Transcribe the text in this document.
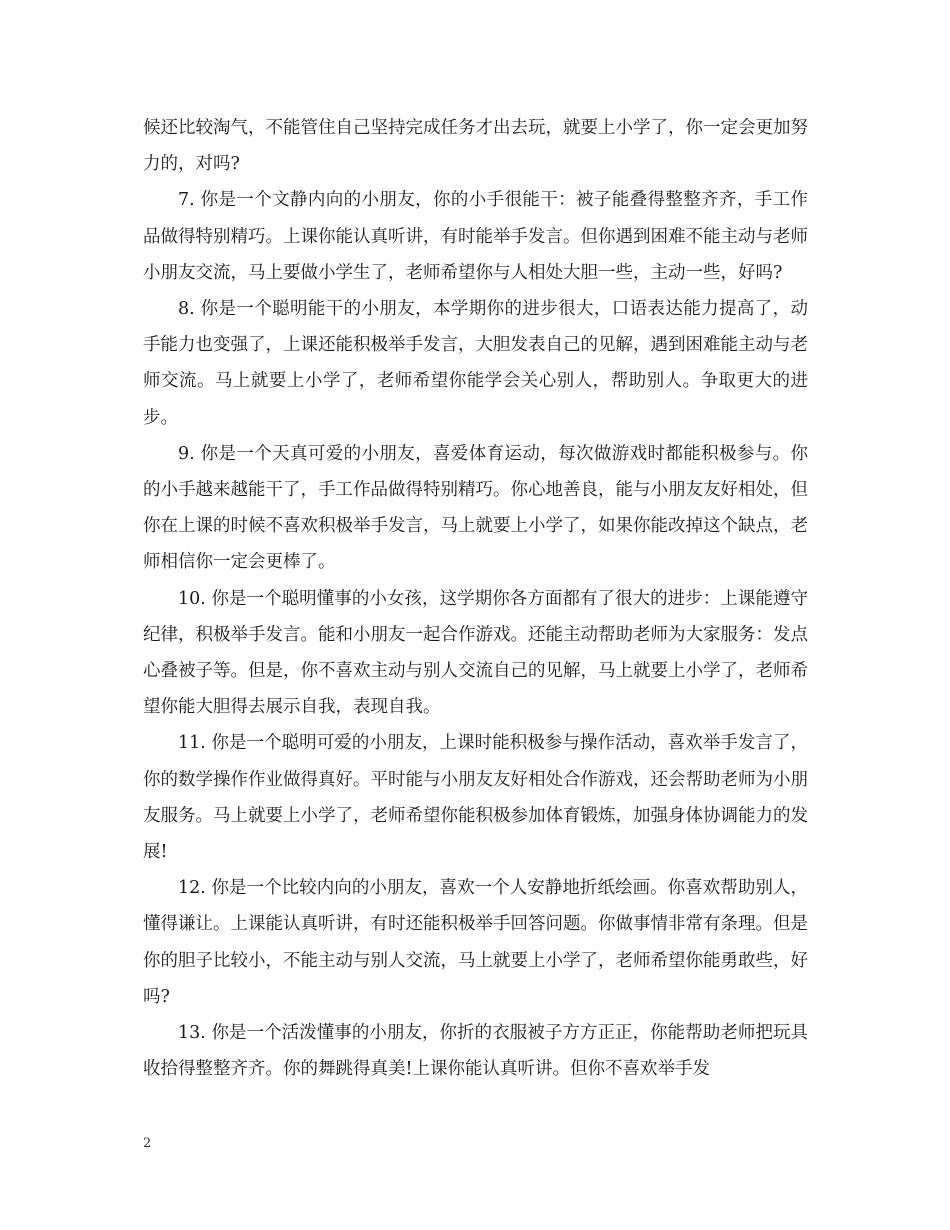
候还比较淘气，不能管住自己坚持完成任务才出去玩，就要上小学了，你一定会更加努力的，对吗?

7. 你是一个文静内向的小朋友，你的小手很能干：被子能叠得整整齐齐，手工作品做得特别精巧。上课你能认真听讲，有时能举手发言。但你遇到困难不能主动与老师小朋友交流，马上要做小学生了，老师希望你与人相处大胆一些，主动一些，好吗?

8. 你是一个聪明能干的小朋友，本学期你的进步很大，口语表达能力提高了，动手能力也变强了，上课还能积极举手发言，大胆发表自己的见解，遇到困难能主动与老师交流。马上就要上小学了，老师希望你能学会关心别人，帮助别人。争取更大的进步。

9. 你是一个天真可爱的小朋友，喜爱体育运动，每次做游戏时都能积极参与。你的小手越来越能干了，手工作品做得特别精巧。你心地善良，能与小朋友友好相处，但你在上课的时候不喜欢积极举手发言，马上就要上小学了，如果你能改掉这个缺点，老师相信你一定会更棒了。

10. 你是一个聪明懂事的小女孩，这学期你各方面都有了很大的进步：上课能遵守纪律，积极举手发言。能和小朋友一起合作游戏。还能主动帮助老师为大家服务：发点心叠被子等。但是，你不喜欢主动与别人交流自己的见解，马上就要上小学了，老师希望你能大胆得去展示自我，表现自我。

11. 你是一个聪明可爱的小朋友，上课时能积极参与操作活动，喜欢举手发言了，你的数学操作作业做得真好。平时能与小朋友友好相处合作游戏，还会帮助老师为小朋友服务。马上就要上小学了，老师希望你能积极参加体育锻炼，加强身体协调能力的发展!

12. 你是一个比较内向的小朋友，喜欢一个人安静地折纸绘画。你喜欢帮助别人，懂得谦让。上课能认真听讲，有时还能积极举手回答问题。你做事情非常有条理。但是你的胆子比较小，不能主动与别人交流，马上就要上小学了，老师希望你能勇敢些，好吗?

13. 你是一个活泼懂事的小朋友，你折的衣服被子方方正正，你能帮助老师把玩具收拾得整整齐齐。你的舞跳得真美!上课你能认真听讲。但你不喜欢举手发

2
